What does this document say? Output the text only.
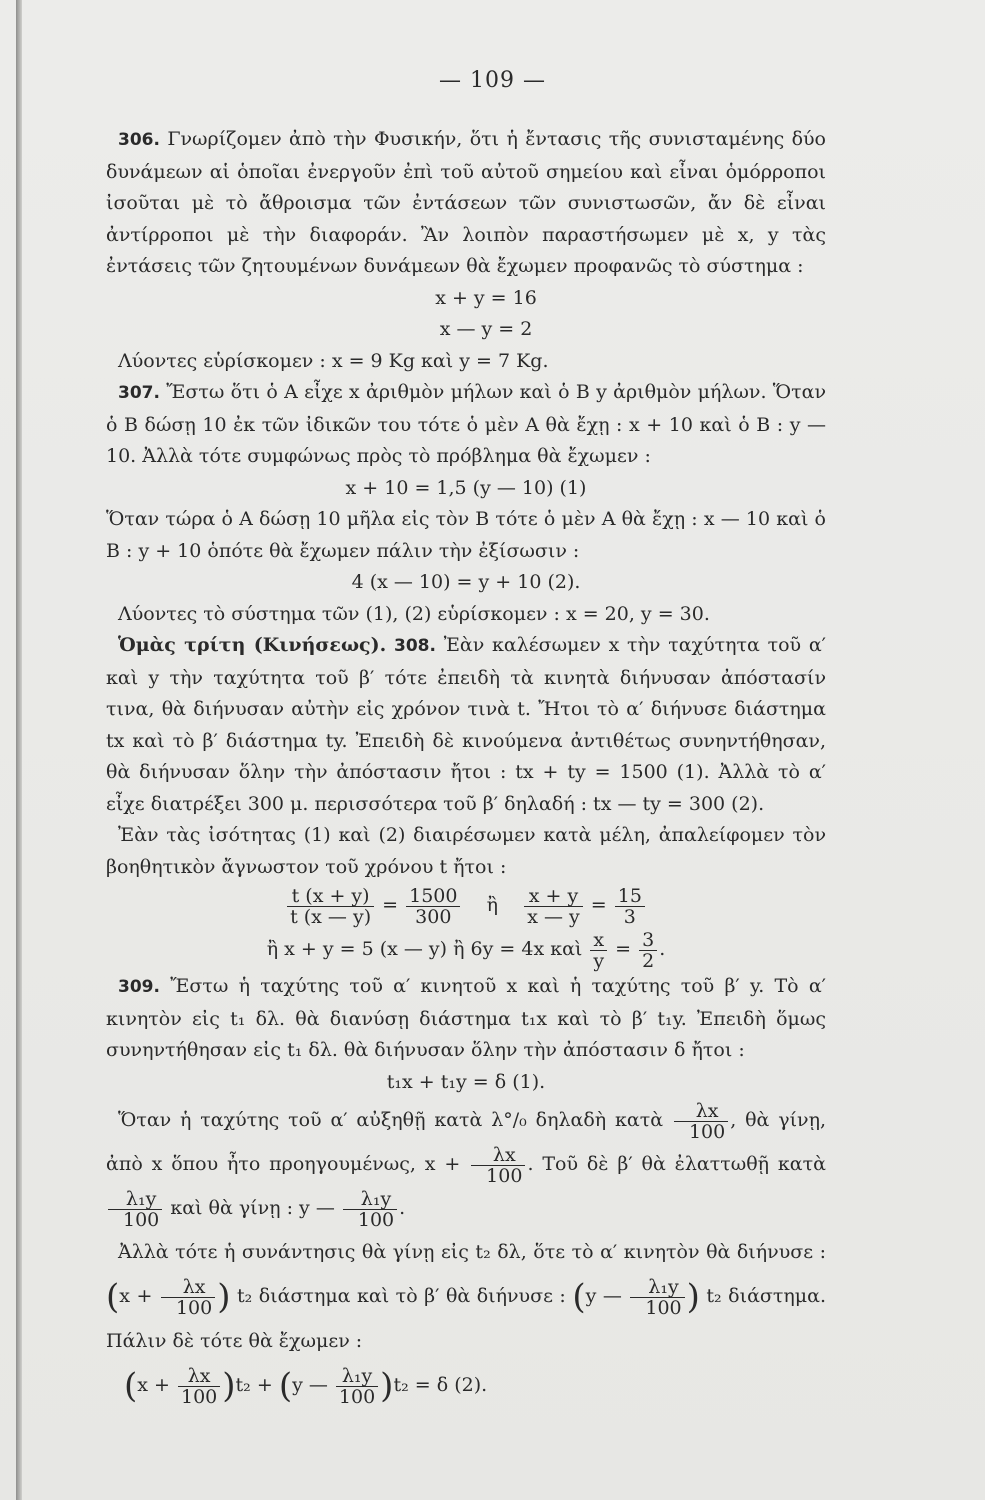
— 109 —

306. Γνωρίζομεν ἀπὸ τὴν Φυσικήν, ὅτι ἡ ἔντασις τῆς συνισταμένης δύο δυνάμεων αἱ ὁποῖαι ἐνεργοῦν ἐπὶ τοῦ αὐτοῦ σημείου καὶ εἶναι ὁμόρροποι ἰσοῦται μὲ τὸ ἄθροισμα τῶν ἐντάσεων τῶν συνιστωσῶν, ἄν δὲ εἶναι ἀντίρροποι μὲ τὴν διαφοράν. Ἂν λοιπὸν παραστήσωμεν μὲ x, y τὰς ἐντάσεις τῶν ζητουμένων δυνάμεων θὰ ἔχωμεν προφανῶς τὸ σύστημα :

x + y = 16

x — y = 2

Λύοντες εὑρίσκομεν : x = 9 Kg καὶ y = 7 Kg.

307. Ἔστω ὅτι ὁ Α εἶχε x ἀριθμὸν μήλων καὶ ὁ Β y ἀριθμὸν μήλων. Ὅταν ὁ Β δώσῃ 10 ἐκ τῶν ἰδικῶν του τότε ὁ μὲν Α θὰ ἔχῃ : x + 10 καὶ ὁ Β : y — 10. Ἀλλὰ τότε συμφώνως πρὸς τὸ πρόβλημα θὰ ἔχωμεν :

x + 10 = 1,5 (y — 10) (1)

Ὅταν τώρα ὁ Α δώσῃ 10 μῆλα εἰς τὸν Β τότε ὁ μὲν Α θὰ ἔχῃ : x — 10 καὶ ὁ Β : y + 10 ὁπότε θὰ ἔχωμεν πάλιν τὴν ἐξίσωσιν :

4 (x — 10) = y + 10 (2).

Λύοντες τὸ σύστημα τῶν (1), (2) εὑρίσκομεν : x = 20, y = 30.

Ὁμὰς τρίτη (Κινήσεως). 308. Ἐὰν καλέσωμεν x τὴν ταχύτητα τοῦ α′ καὶ y τὴν ταχύτητα τοῦ β′ τότε ἐπειδὴ τὰ κινητὰ διήνυσαν ἀπόστασίν τινα, θὰ διήνυσαν αὐτὴν εἰς χρόνον τινὰ t. Ἤτοι τὸ α′ διήνυσε διάστημα tx καὶ τὸ β′ διάστημα ty. Ἐπειδὴ δὲ κινούμενα ἀντιθέτως συνηντήθησαν, θὰ διήνυσαν ὅλην τὴν ἀπόστασιν ἤτοι : tx + ty = 1500 (1). Ἀλλὰ τὸ α′ εἶχε διατρέξει 300 μ. περισσότερα τοῦ β′ δηλαδή : tx — ty = 300 (2).

Ἐὰν τὰς ἰσότητας (1) καὶ (2) διαιρέσωμεν κατὰ μέλη, ἀπαλείφομεν τὸν βοηθητικὸν ἄγνωστον τοῦ χρόνου t ἤτοι :

$\frac{t (x + y)}{t (x — y)} = \frac{1500}{300}$ ἢ $\frac{x + y}{x — y} = \frac{15}{3}$

ἢ x + y = 5 (x — y) ἢ 6y = 4x καὶ $\frac{x}{y} = \frac{3}{2}$ .

309. Ἔστω ἡ ταχύτης τοῦ α′ κινητοῦ x καὶ ἡ ταχύτης τοῦ β′ y. Τὸ α′ κινητὸν εἰς t₁ δλ. θὰ διανύσῃ διάστημα t₁x καὶ τὸ β′ t₁y. Ἐπειδὴ ὅμως συνηντήθησαν εἰς t₁ δλ. θὰ διήνυσαν ὅλην τὴν ἀπόστασιν δ ἤτοι :

t₁x + t₁y = δ (1).

Ὅταν ἡ ταχύτης τοῦ α′ αὐξηθῇ κατὰ λ°/₀ δηλαδὴ κατὰ $\frac{\lambda x}{100}$ , θὰ γίνῃ, ἀπὸ x ὅπου ἦτο προηγουμένως, $x + \frac{\lambda x}{100}$ . Τοῦ δὲ β′ θὰ ἐλαττωθῇ κατὰ
$\frac{\text{λ₁y}}{100}$ καὶ θὰ γίνῃ : y — $\frac{\text{λ₁y}}{100}$ .

Ἀλλὰ τότε ἡ συνάντησις θὰ γίνῃ εἰς t₂ δλ, ὅτε τὸ α′ κινητὸν θὰ διήνυσε : ($x + \frac{\lambda x}{100}$ ) t₂ διάστημα καὶ τὸ β′ θὰ διήνυσε : (y — $\frac{\text{λ₁y}}{100}$ ) t₂ διάστημα. Πάλιν δὲ τότε θὰ ἔχωμεν :

$(x + \frac{\lambda x}{100} )t_2 + (y$ — $\frac{\text{λ₁y}}{100} )t_2 = \delta$ (2).
